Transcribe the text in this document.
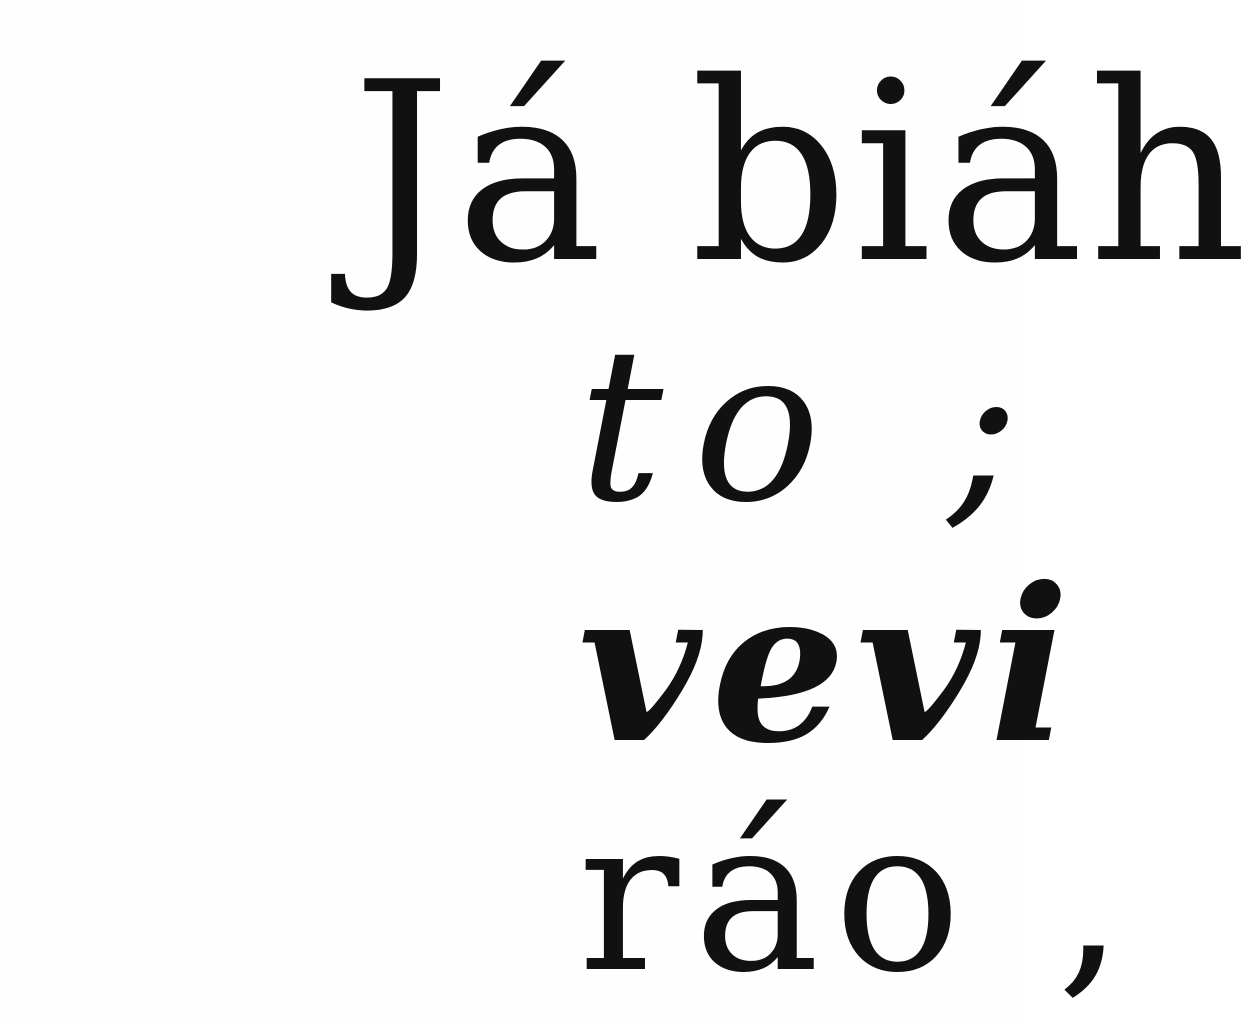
Já biáh
to ;
vevi
ráo ,
